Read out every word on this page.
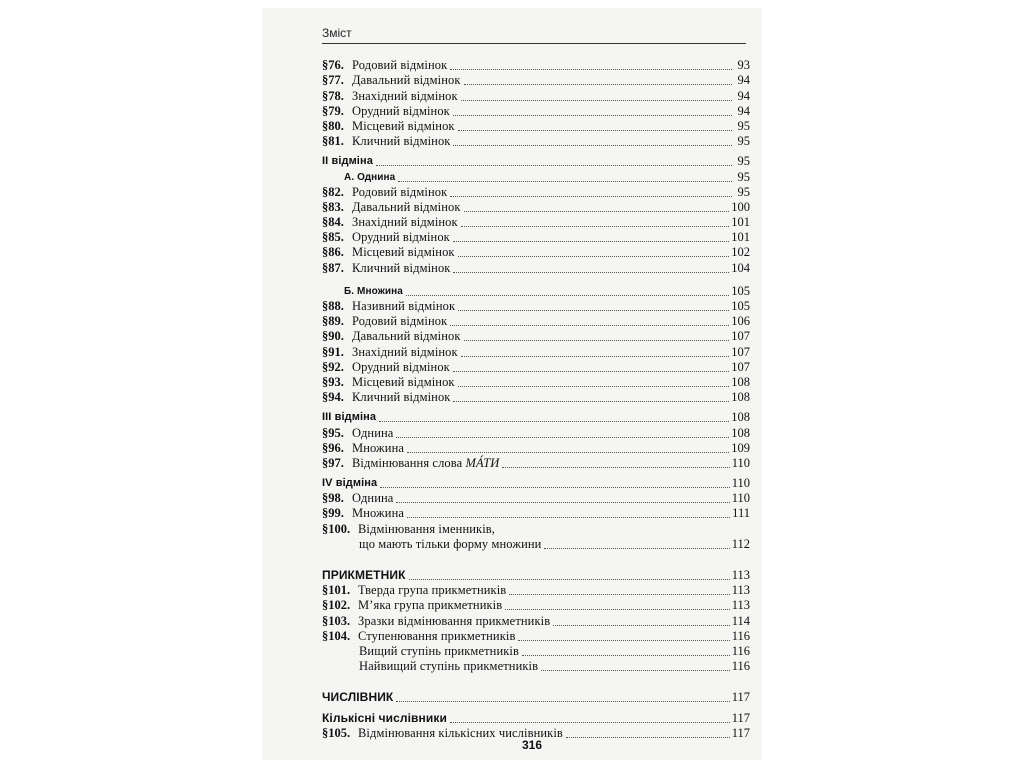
Зміст
§76. Родовий відмінок	93
§77. Давальний відмінок	94
§78. Знахідний відмінок	94
§79. Орудний відмінок	94
§80. Місцевий відмінок	95
§81. Кличний відмінок	95
ІІ відміна	95
А. Однина	95
§82. Родовий відмінок	95
§83. Давальний відмінок	100
§84. Знахідний відмінок	101
§85. Орудний відмінок	101
§86. Місцевий відмінок	102
§87. Кличний відмінок	104
Б. Множина	105
§88. Називний відмінок	105
§89. Родовий відмінок	106
§90. Давальний відмінок	107
§91. Знахідний відмінок	107
§92. Орудний відмінок	107
§93. Місцевий відмінок	108
§94. Кличний відмінок	108
ІІІ відміна	108
§95. Однина	108
§96. Множина	109
§97. Відмінювання слова МА́ТИ	110
IV відміна	110
§98. Однина	110
§99. Множина	111
§100. Відмінювання іменників,
що мають тільки форму множини	112
ПРИКМЕТНИК	113
§101. Тверда група прикметників	113
§102. М’яка група прикметників	113
§103. Зразки відмінювання прикметників	114
§104. Ступенювання прикметників	116
Вищий ступінь прикметників	116
Найвищий ступінь прикметників	116
ЧИСЛІВНИК	117
Кількісні числівники	117
§105. Відмінювання кількісних числівників	117
316
